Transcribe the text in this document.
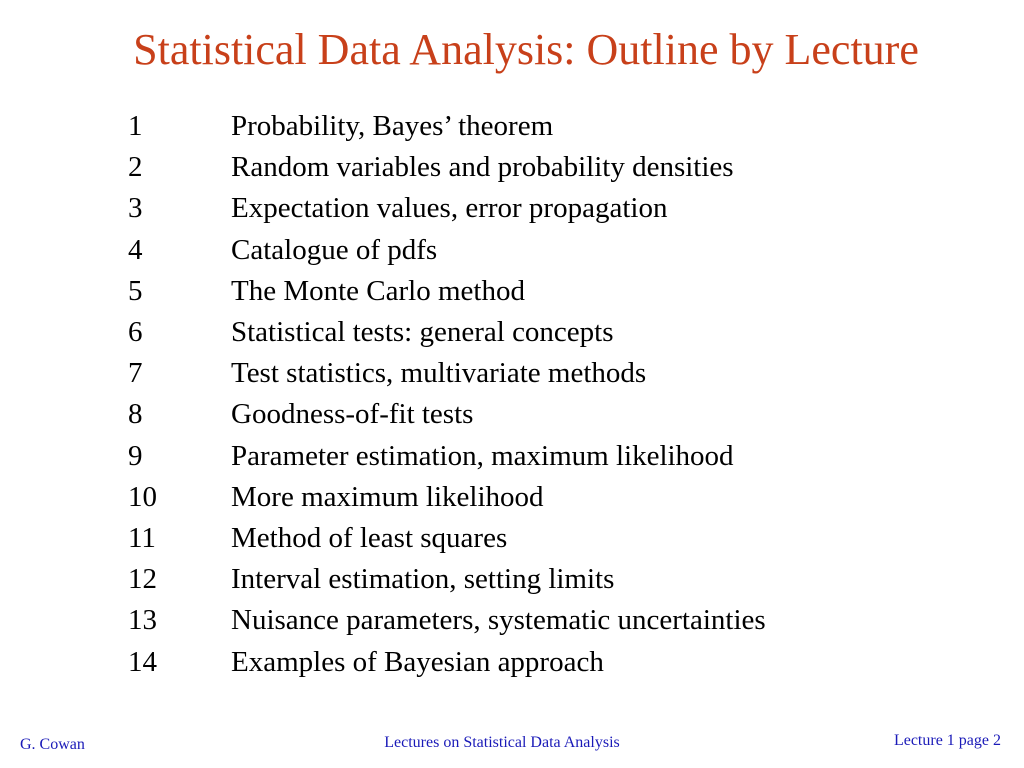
Statistical Data Analysis: Outline by Lecture
1	Probability, Bayes’ theorem
2	Random variables and probability densities
3	Expectation values, error propagation
4	Catalogue of pdfs
5	The Monte Carlo method
6	Statistical tests: general concepts
7	Test statistics, multivariate methods
8	Goodness-of-fit tests
9	Parameter estimation, maximum likelihood
10	More maximum likelihood
11	Method of least squares
12	Interval estimation, setting limits
13	Nuisance parameters, systematic uncertainties
14	Examples of Bayesian approach
G. Cowan	Lectures on Statistical Data Analysis	Lecture 1 page 2
